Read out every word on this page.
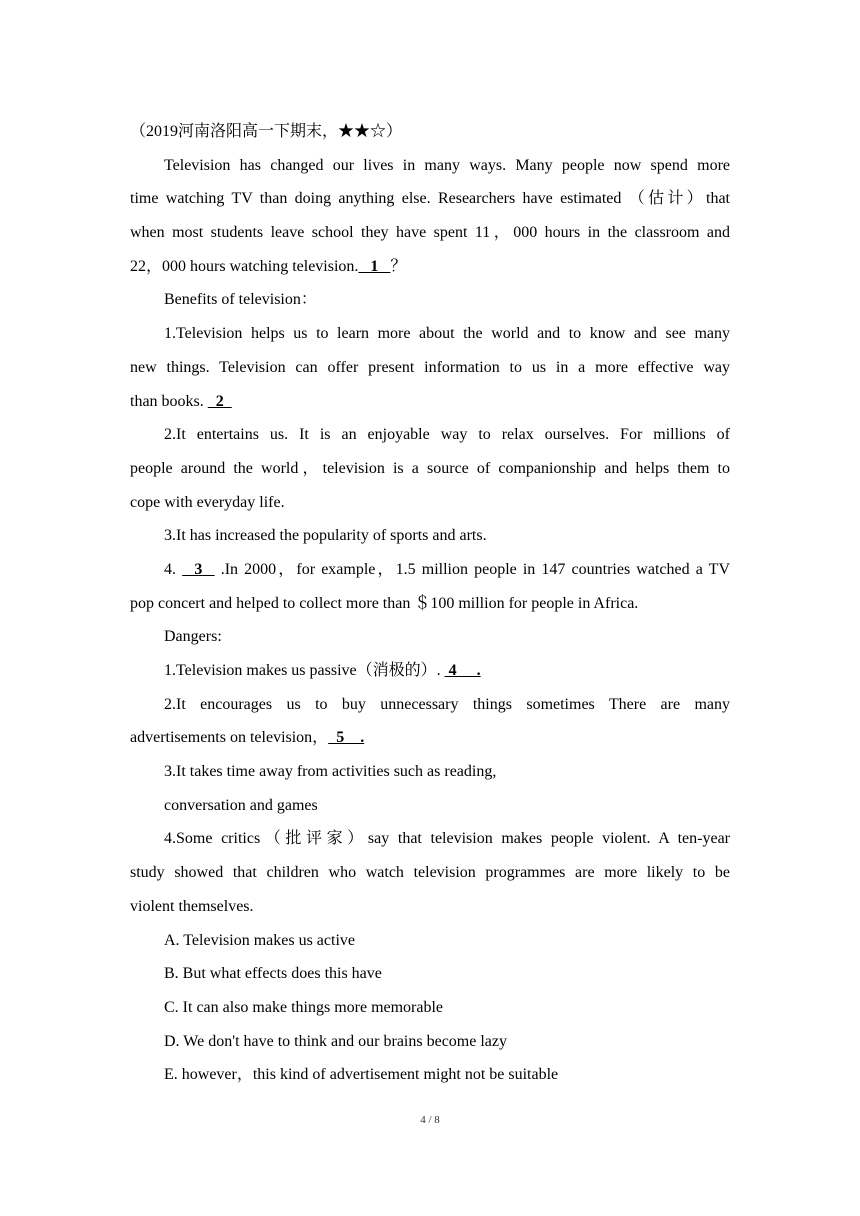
（2019河南洛阳高一下期末，★★☆）
Television has changed our lives in many ways. Many people now spend more
time watching TV than doing anything else. Researchers have estimated （估计）that
when most students leave school they have spent 11，000 hours in the classroom and
22，000 hours watching television.   1   ？
Benefits of television：
1.Television helps us to learn more about the world and to know and see many
new things. Television can offer present information to us in a more effective way
than books.   2
2.It entertains us. It is an enjoyable way to relax ourselves. For millions of
people around the world，television is a source of companionship and helps them to
cope with everyday life.
3.It has increased the popularity of sports and arts.
4.   3   .In 2000，for example，1.5 million people in 147 countries watched a TV
pop concert and helped to collect more than ＄100 million for people in Africa.
Dangers:
1.Television makes us passive（消极的）.  4     .
2.It encourages us to buy unnecessary things sometimes There are many
advertisements on television，  5    .
3.It takes time away from activities such as reading,
conversation and games
4.Some critics（批评家）say that television makes people violent. A ten-year
study showed that children who watch television programmes are more likely to be
violent themselves.
A. Television makes us active
B. But what effects does this have
C. It can also make things more memorable
D. We don't have to think and our brains become lazy
E. however，this kind of advertisement might not be suitable
4 / 8
